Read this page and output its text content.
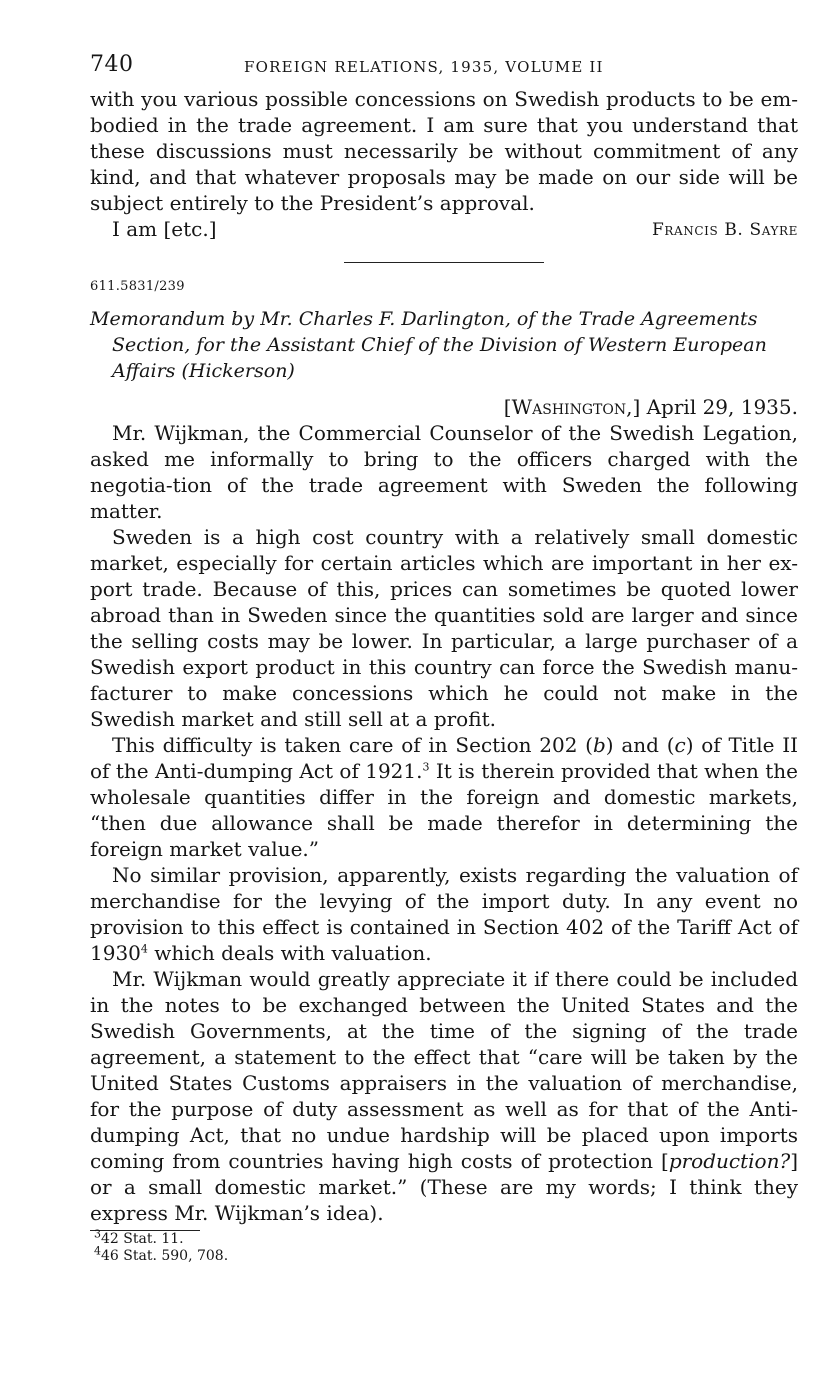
740	FOREIGN RELATIONS, 1935, VOLUME II

with you various possible concessions on Swedish products to be em-bodied in the trade agreement. I am sure that you understand that these discussions must necessarily be without commitment of any kind, and that whatever proposals may be made on our side will be subject entirely to the President’s approval.

I am [etc.]	Francis B. Sayre
611.5831/239

Memorandum by Mr. Charles F. Darlington, of the Trade Agreements Section, for the Assistant Chief of the Division of Western European Affairs (Hickerson)

[Washington,] April 29, 1935.

Mr. Wijkman, the Commercial Counselor of the Swedish Legation, asked me informally to bring to the officers charged with the negotia-tion of the trade agreement with Sweden the following matter.

Sweden is a high cost country with a relatively small domestic market, especially for certain articles which are important in her ex-port trade. Because of this, prices can sometimes be quoted lower abroad than in Sweden since the quantities sold are larger and since the selling costs may be lower. In particular, a large purchaser of a Swedish export product in this country can force the Swedish manu-facturer to make concessions which he could not make in the Swedish market and still sell at a profit.

This difficulty is taken care of in Section 202 (b) and (c) of Title II of the Anti-dumping Act of 1921.$^3$ It is therein provided that when the wholesale quantities differ in the foreign and domestic markets, “then due allowance shall be made therefor in determining the foreign market value.”

No similar provision, apparently, exists regarding the valuation of merchandise for the levying of the import duty. In any event no provision to this effect is contained in Section 402 of the Tariff Act of 1930$^4$ which deals with valuation.

Mr. Wijkman would greatly appreciate it if there could be included in the notes to be exchanged between the United States and the Swedish Governments, at the time of the signing of the trade agreement, a statement to the effect that “care will be taken by the United States Customs appraisers in the valuation of merchandise, for the purpose of duty assessment as well as for that of the Anti-dumping Act, that no undue hardship will be placed upon imports coming from countries having high costs of protection [production?] or a small domestic market.” (These are my words; I think they express Mr. Wijkman’s idea).

$^3$42 Stat. 11.
$^4$46 Stat. 590, 708.
